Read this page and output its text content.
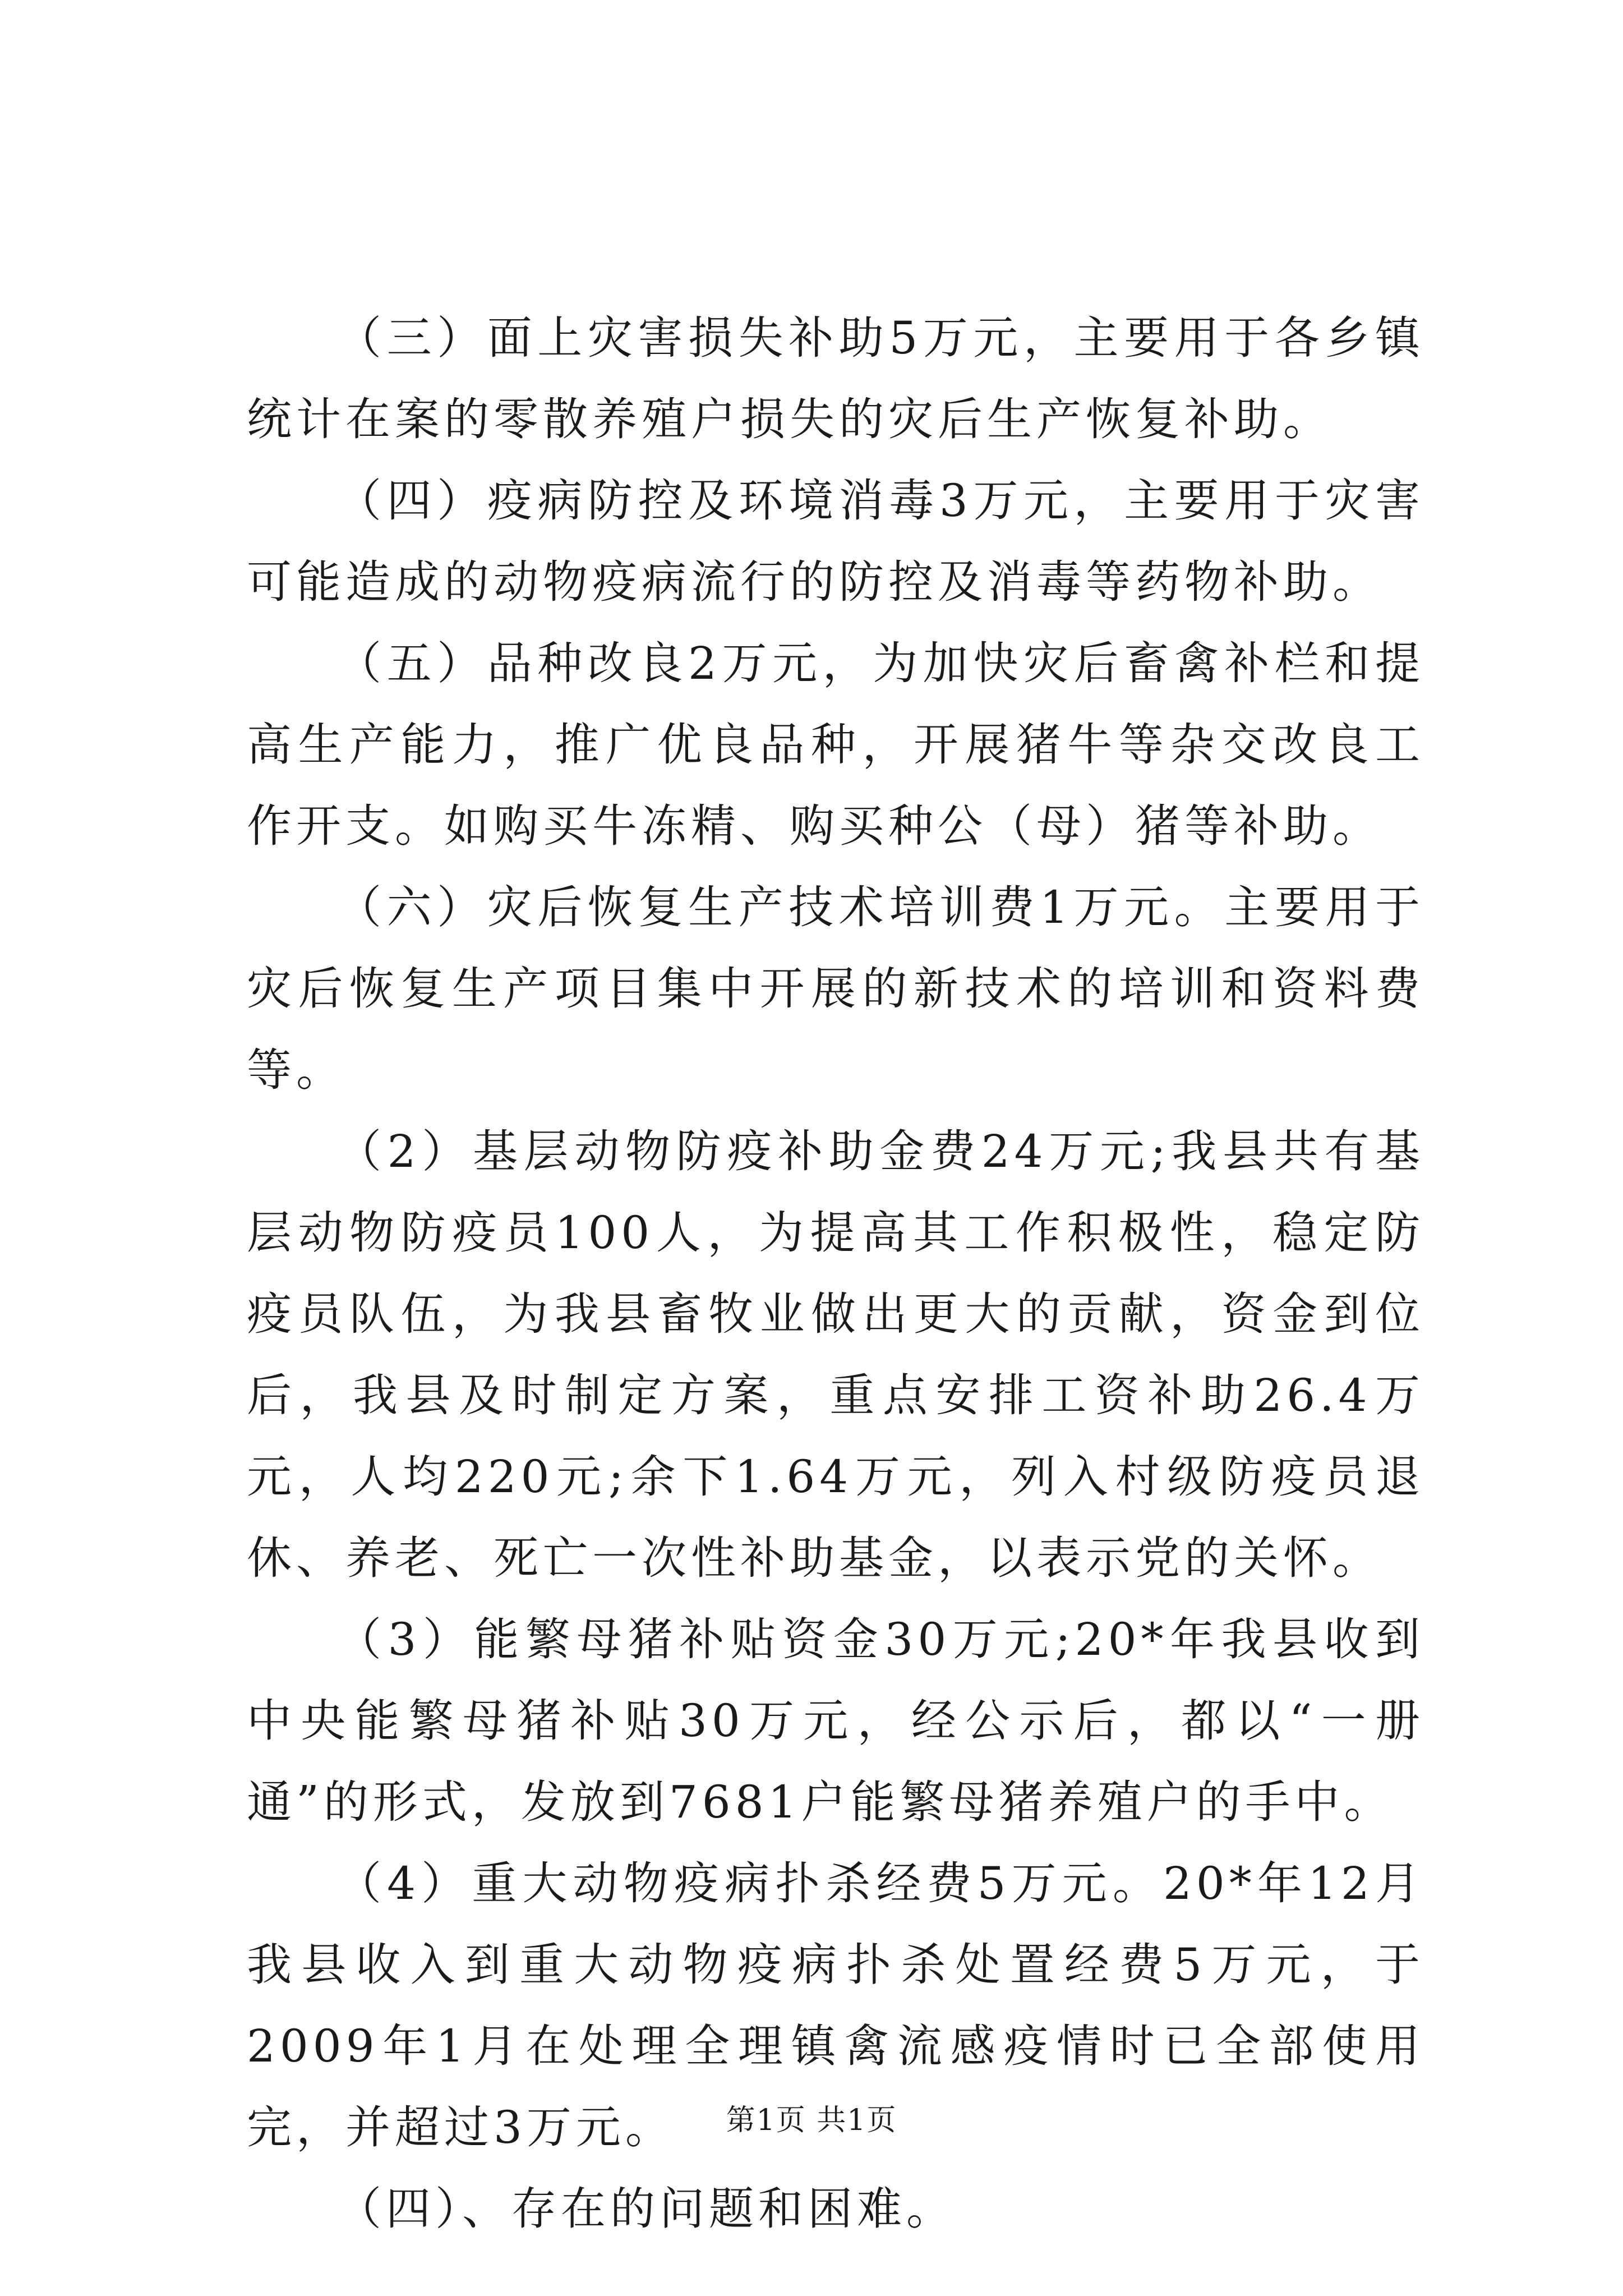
（三）面上灾害损失补助5万元，主要用于各乡镇统计在案的零散养殖户损失的灾后生产恢复补助。

（四）疫病防控及环境消毒3万元，主要用于灾害可能造成的动物疫病流行的防控及消毒等药物补助。

（五）品种改良2万元，为加快灾后畜禽补栏和提高生产能力，推广优良品种，开展猪牛等杂交改良工作开支。如购买牛冻精、购买种公（母）猪等补助。

（六）灾后恢复生产技术培训费1万元。主要用于灾后恢复生产项目集中开展的新技术的培训和资料费等。

（2）基层动物防疫补助金费24万元;我县共有基层动物防疫员100人，为提高其工作积极性，稳定防疫员队伍，为我县畜牧业做出更大的贡献，资金到位后，我县及时制定方案，重点安排工资补助26.4万元，人均220元;余下1.64万元，列入村级防疫员退休、养老、死亡一次性补助基金，以表示党的关怀。

（3）能繁母猪补贴资金30万元;20*年我县收到中央能繁母猪补贴30万元，经公示后，都以“一册通”的形式，发放到7681户能繁母猪养殖户的手中。

（4）重大动物疫病扑杀经费5万元。20*年12月我县收入到重大动物疫病扑杀处置经费5万元，于2009年1月在处理全理镇禽流感疫情时已全部使用完，并超过3万元。

（四）、存在的问题和困难。

第1页 共1页
